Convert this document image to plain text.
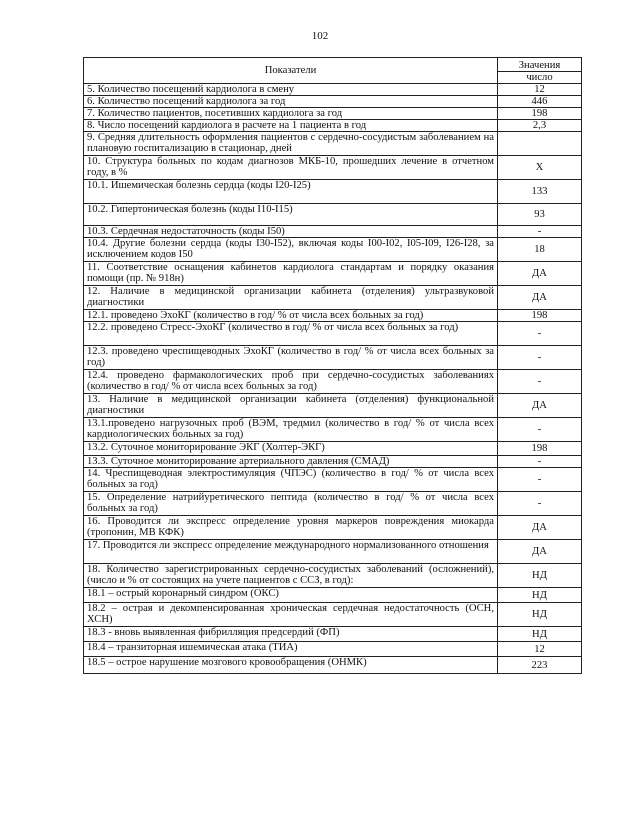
102
Показатели	Значения
число

5. Количество посещений кардиолога в смену	12
6. Количество посещений кардиолога за год	446
7. Количество пациентов, посетивших кардиолога за год	198
8. Число посещений кардиолога в расчете на 1 пациента в год	2,3
9. Средняя длительность оформления пациентов с сердечно-сосудистым заболеванием на плановую госпитализацию в стационар, дней	
10. Структура больных по кодам диагнозов МКБ-10, прошедших лечение в отчетном году, в %	Х
10.1. Ишемическая болезнь сердца (коды I20-I25)	133
10.2. Гипертоническая болезнь (коды I10-I15)	93
10.3. Сердечная недостаточность (коды I50)	-
10.4. Другие болезни сердца (коды I30-I52), включая коды I00-I02, I05-I09, I26-I28, за исключением кодов I50	18
11. Соответствие оснащения кабинетов кардиолога стандартам и порядку оказания помощи (пр. № 918н)	ДА
12. Наличие в медицинской организации кабинета (отделения) ультразвуковой диагностики	ДА
12.1. проведено ЭхоКГ (количество в год/ % от числа всех больных за год)	198
12.2. проведено Стресс-ЭхоКГ (количество в год/ % от числа всех больных за год)	-
12.3. проведено чреспищеводных ЭхоКГ (количество в год/ % от числа всех больных за год)	-
12.4. проведено фармакологических проб при сердечно-сосудистых заболеваниях (количество в год/ % от числа всех больных за год)	-
13. Наличие в медицинской организации кабинета (отделения) функциональной диагностики	ДА
13.1.проведено нагрузочных проб (ВЭМ, тредмил (количество в год/ % от числа всех кардиологических больных за год)	-
13.2. Суточное мониторирование ЭКГ (Холтер-ЭКГ)	198
13.3. Суточное мониторирование артериального давления (СМАД)	-
14. Чреспищеводная электростимуляция (ЧПЭС) (количество в год/ % от числа всех больных за год)	-
15. Определение натрийуретического пептида (количество в год/ % от числа всех больных за год)	-
16. Проводится ли экспресс определение уровня маркеров повреждения миокарда (тропонин, МВ КФК)	ДА
17. Проводится ли экспресс определение международного нормализованного отношения	ДА
18. Количество зарегистрированных сердечно-сосудистых заболеваний (осложнений), (число и % от состоящих на учете пациентов с ССЗ, в год):	НД
18.1 – острый коронарный синдром (ОКС)	НД
18.2 – острая и декомпенсированная хроническая сердечная недостаточность (ОСН, ХСН)	НД
18.3 - вновь выявленная фибрилляция предсердий (ФП)	НД
18.4 – транзиторная ишемическая атака (ТИА)	12
18.5 – острое нарушение мозгового кровообращения (ОНМК)	223
